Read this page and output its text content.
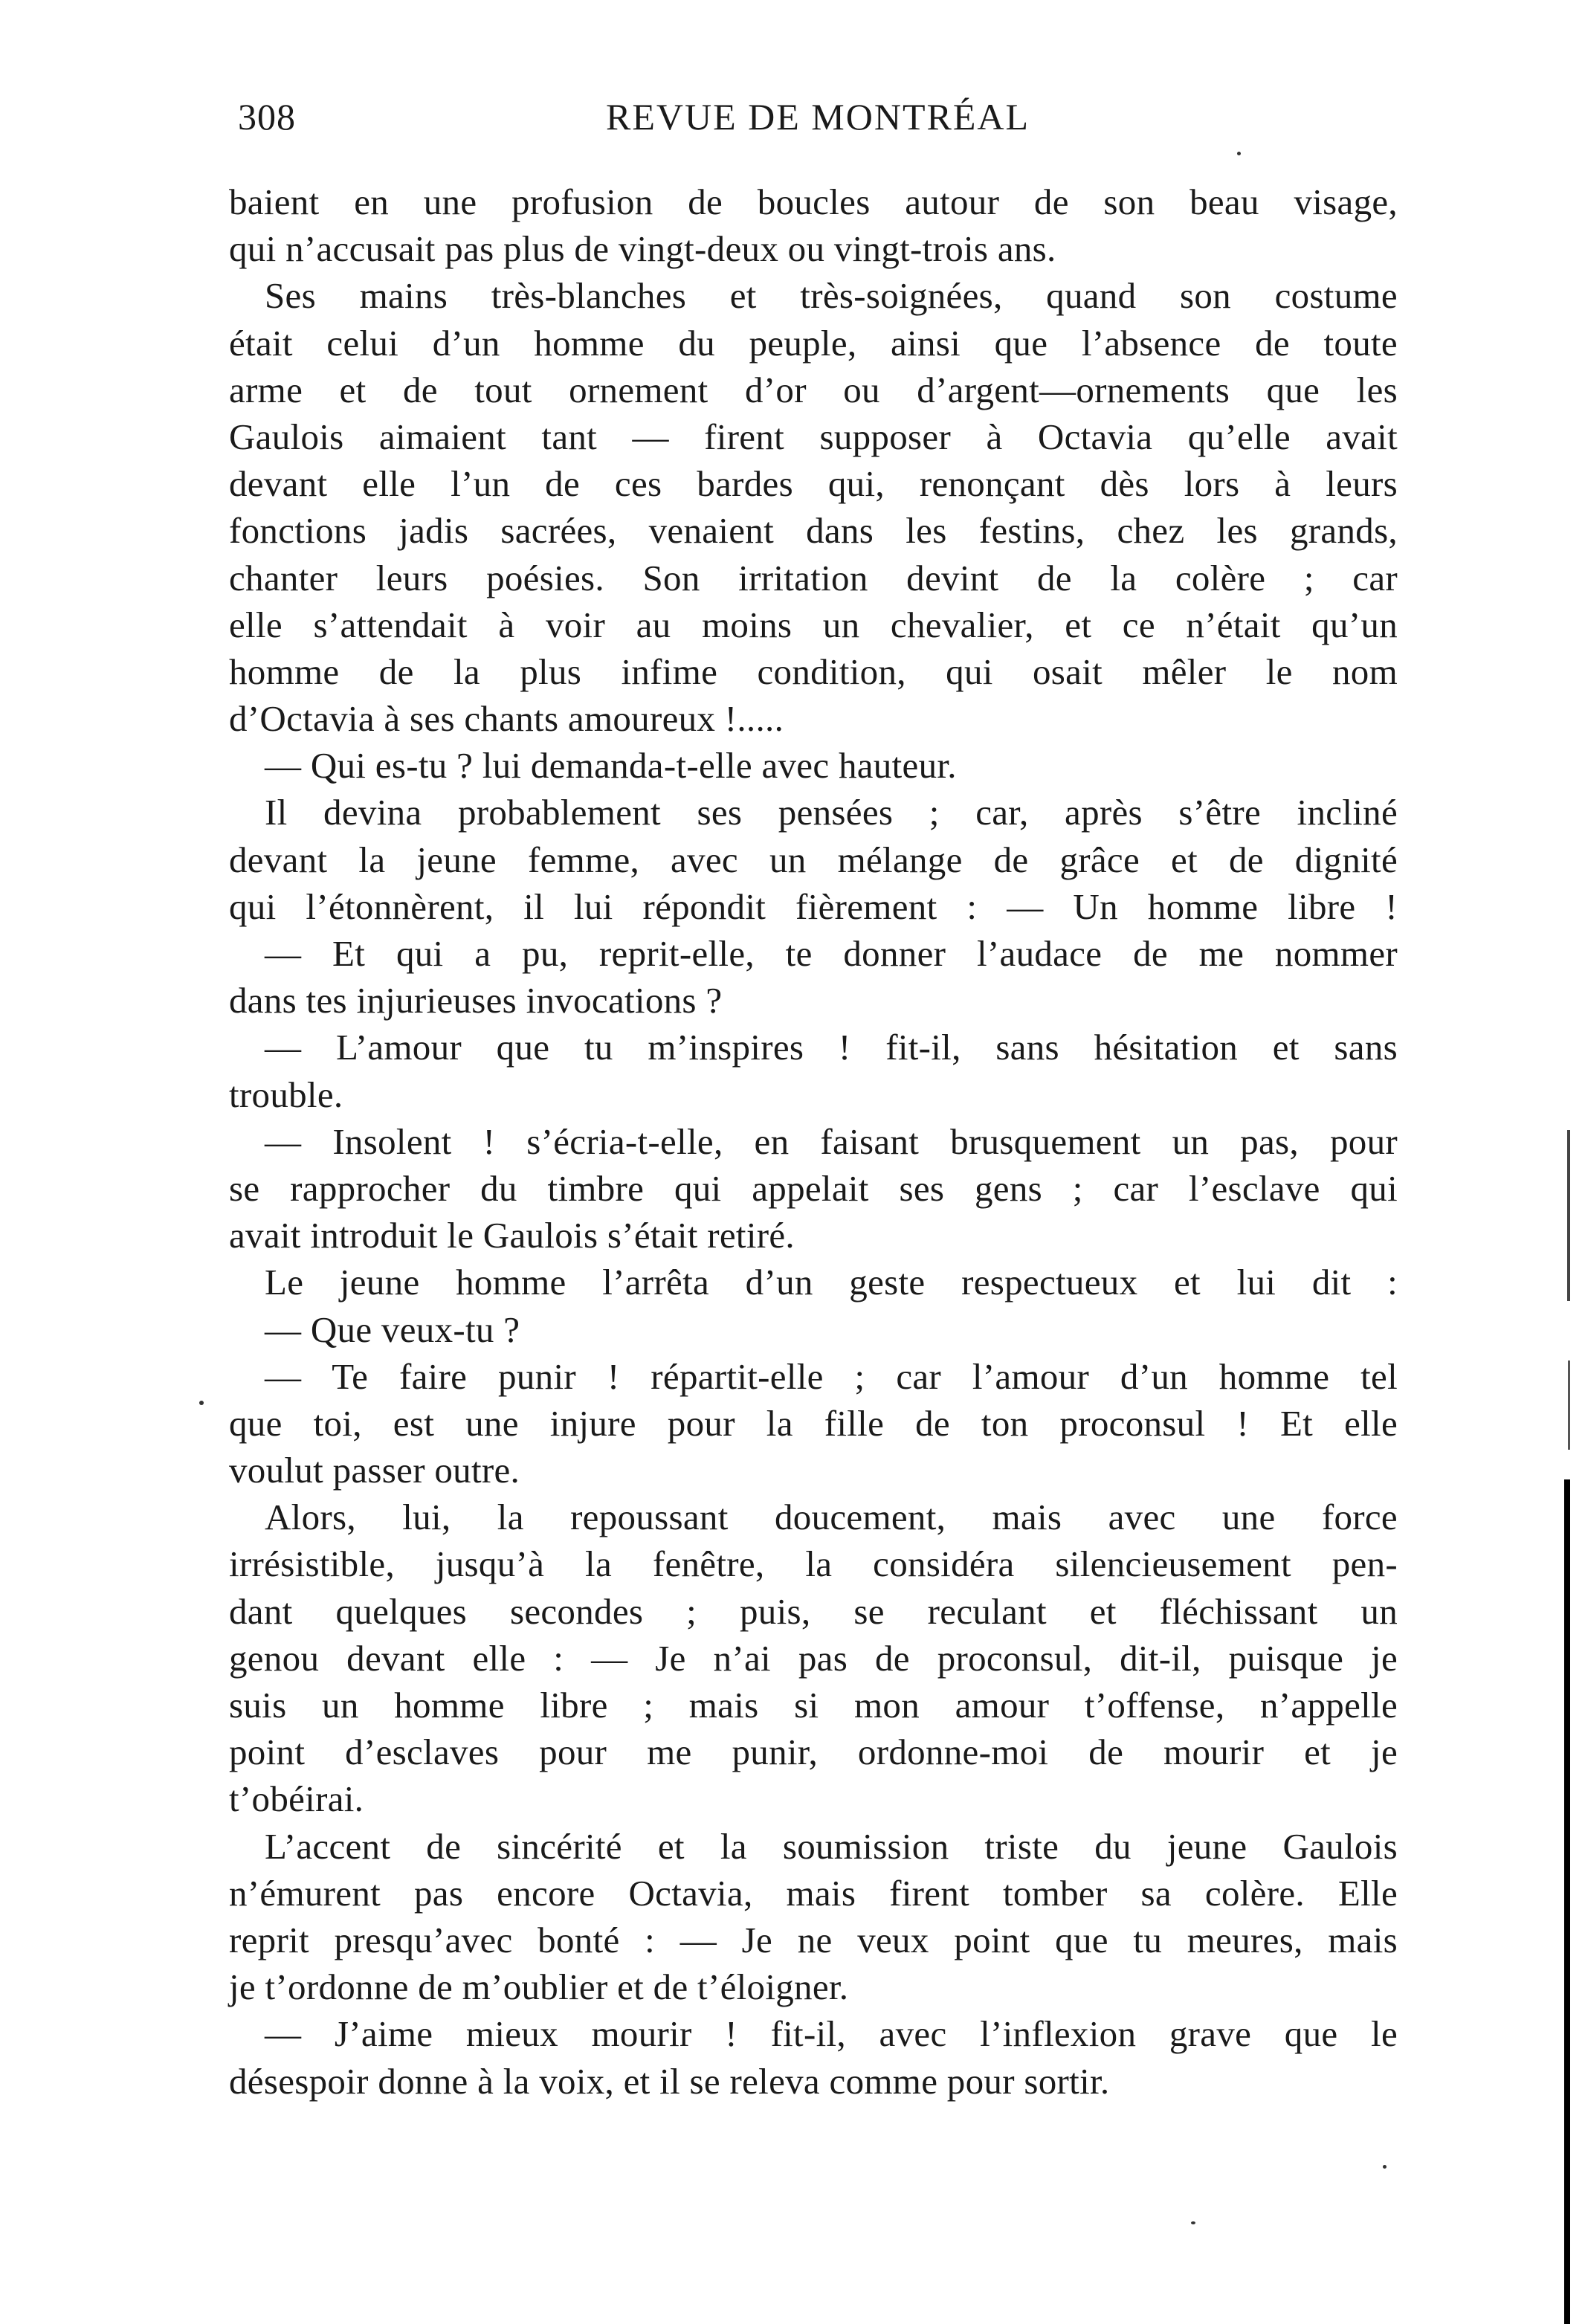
308	REVUE DE MONTRÉAL
baient en une profusion de boucles autour de son beau visage,
qui n’accusait pas plus de vingt-deux ou vingt-trois ans.
Ses mains très-blanches et très-soignées, quand son costume
était celui d’un homme du peuple, ainsi que l’absence de toute
arme et de tout ornement d’or ou d’argent—ornements que les
Gaulois aimaient tant — firent supposer à Octavia qu’elle avait
devant elle l’un de ces bardes qui, renonçant dès lors à leurs
fonctions jadis sacrées, venaient dans les festins, chez les grands,
chanter leurs poésies. Son irritation devint de la colère ; car
elle s’attendait à voir au moins un chevalier, et ce n’était qu’un
homme de la plus infime condition, qui osait mêler le nom
d’Octavia à ses chants amoureux !.....
— Qui es-tu ? lui demanda-t-elle avec hauteur.
Il devina probablement ses pensées ; car, après s’être incliné
devant la jeune femme, avec un mélange de grâce et de dignité
qui l’étonnèrent, il lui répondit fièrement : — Un homme libre !
— Et qui a pu, reprit-elle, te donner l’audace de me nommer
dans tes injurieuses invocations ?
— L’amour que tu m’inspires ! fit-il, sans hésitation et sans
trouble.
— Insolent ! s’écria-t-elle, en faisant brusquement un pas, pour
se rapprocher du timbre qui appelait ses gens ; car l’esclave qui
avait introduit le Gaulois s’était retiré.
Le jeune homme l’arrêta d’un geste respectueux et lui dit :
— Que veux-tu ?
— Te faire punir ! répartit-elle ; car l’amour d’un homme tel
que toi, est une injure pour la fille de ton proconsul ! Et elle
voulut passer outre.
Alors, lui, la repoussant doucement, mais avec une force
irrésistible, jusqu’à la fenêtre, la considéra silencieusement pen-
dant quelques secondes ; puis, se reculant et fléchissant un
genou devant elle : — Je n’ai pas de proconsul, dit-il, puisque je
suis un homme libre ; mais si mon amour t’offense, n’appelle
point d’esclaves pour me punir, ordonne-moi de mourir et je
t’obéirai.
L’accent de sincérité et la soumission triste du jeune Gaulois
n’émurent pas encore Octavia, mais firent tomber sa colère. Elle
reprit presqu’avec bonté : — Je ne veux point que tu meures, mais
je t’ordonne de m’oublier et de t’éloigner.
— J’aime mieux mourir ! fit-il, avec l’inflexion grave que le
désespoir donne à la voix, et il se releva comme pour sortir.
